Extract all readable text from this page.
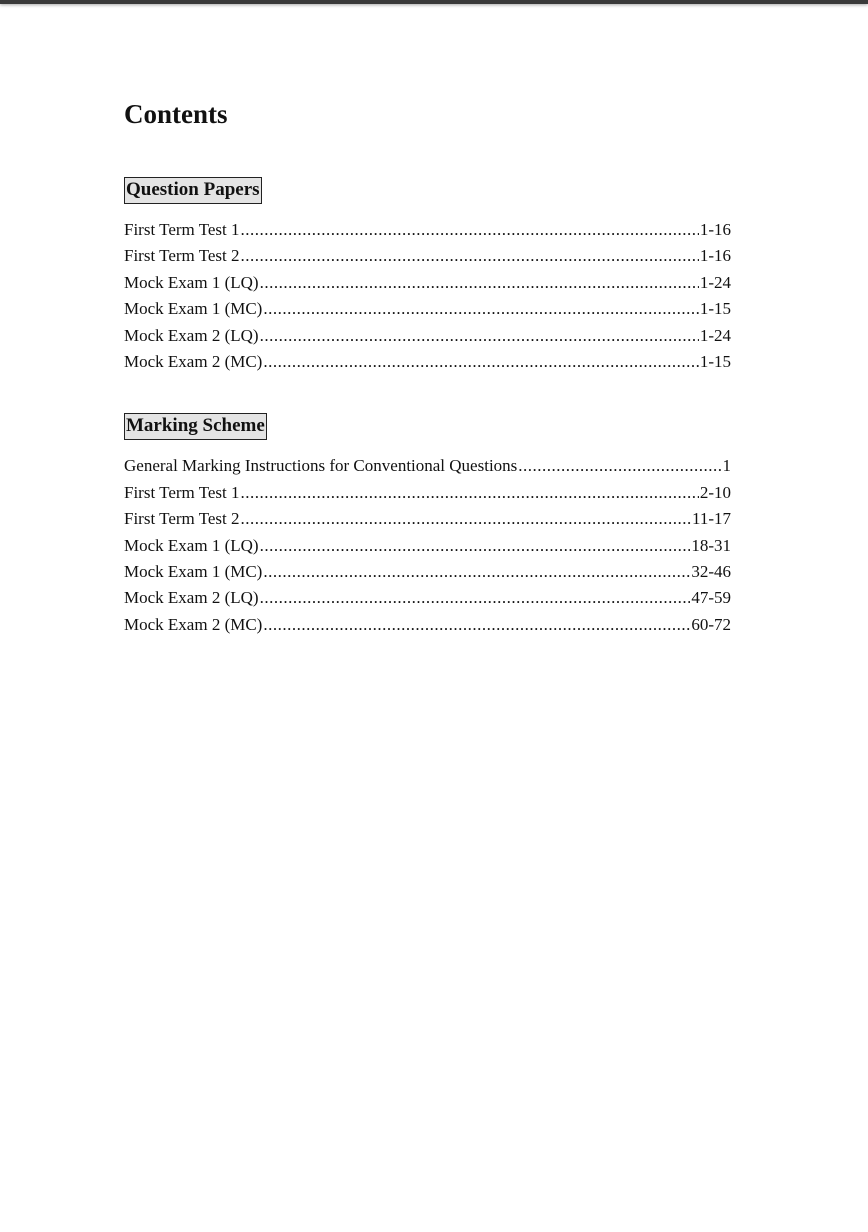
Contents
Question Papers
First Term Test 1 .....	1-16
First Term Test 2 .....	1-16
Mock Exam 1 (LQ) .....	1-24
Mock Exam 1 (MC) .....	1-15
Mock Exam 2 (LQ) .....	1-24
Mock Exam 2 (MC) .....	1-15
Marking Scheme
General Marking Instructions for Conventional Questions .....	1
First Term Test 1 .....	2-10
First Term Test 2 .....	11-17
Mock Exam 1 (LQ) .....	18-31
Mock Exam 1 (MC) .....	32-46
Mock Exam 2 (LQ) .....	47-59
Mock Exam 2 (MC) .....	60-72
